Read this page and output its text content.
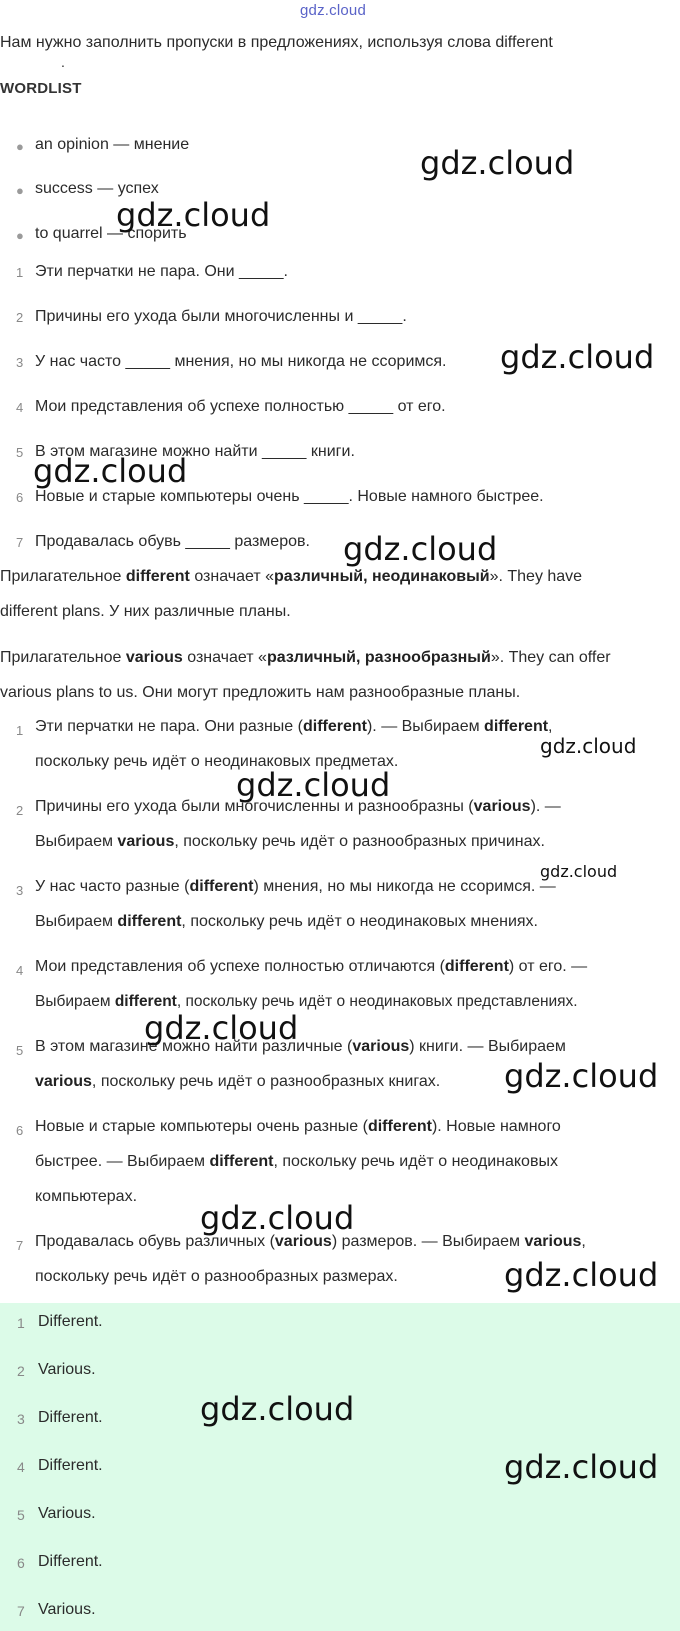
gdz.cloud
Нам нужно заполнить пропуски в предложениях, используя слова different
.
WORDLIST
● an opinion — мнение
● success — успех
● to quarrel — спорить
1 Эти перчатки не пара. Они _____.
2 Причины его ухода были многочисленны и _____.
3 У нас часто _____ мнения, но мы никогда не ссоримся.
4 Мои представления об успехе полностью _____ от его.
5 В этом магазине можно найти _____ книги.
6 Новые и старые компьютеры очень _____. Новые намного быстрее.
7 Продавалась обувь _____ размеров.
Прилагательное different означает «различный, неодинаковый». They have
different plans. У них различные планы.
Прилагательное various означает «различный, разнообразный». They can offer
various plans to us. Они могут предложить нам разнообразные планы.
1 Эти перчатки не пара. Они разные (different). — Выбираем different,
поскольку речь идёт о неодинаковых предметах.
2 Причины его ухода были многочисленны и разнообразны (various). —
Выбираем various, поскольку речь идёт о разнообразных причинах.
3 У нас часто разные (different) мнения, но мы никогда не ссоримся. —
Выбираем different, поскольку речь идёт о неодинаковых мнениях.
4 Мои представления об успехе полностью отличаются (different) от его. —
Выбираем different, поскольку речь идёт о неодинаковых представлениях.
5 В этом магазине можно найти различные (various) книги. — Выбираем
various, поскольку речь идёт о разнообразных книгах.
6 Новые и старые компьютеры очень разные (different). Новые намного
быстрее. — Выбираем different, поскольку речь идёт о неодинаковых
компьютерах.
7 Продавалась обувь различных (various) размеров. — Выбираем various,
поскольку речь идёт о разнообразных размерах.
1 Different.
2 Various.
3 Different.
4 Different.
5 Various.
6 Different.
7 Various.
gdz.cloud
gdz.cloud
gdz.cloud
gdz.cloud
gdz.cloud
gdz.cloud
gdz.cloud
gdz.cloud
gdz.cloud
gdz.cloud
gdz.cloud
gdz.cloud
gdz.cloud
gdz.cloud
